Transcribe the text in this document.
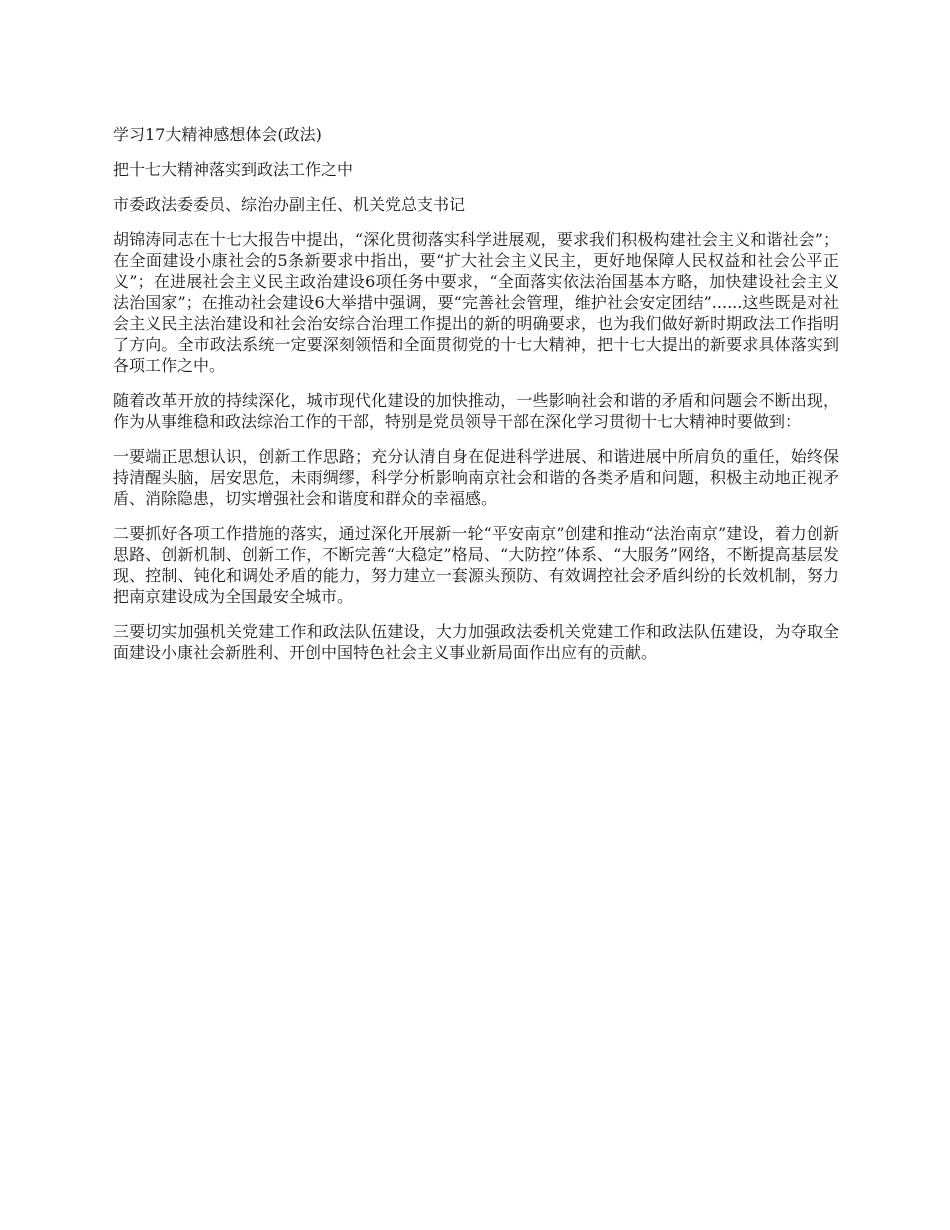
学习17大精神感想体会(政法)

把十七大精神落实到政法工作之中

市委政法委委员、综治办副主任、机关党总支书记

胡锦涛同志在十七大报告中提出，“深化贯彻落实科学进展观，要求我们积极构建社会主义和谐社会”；在全面建设小康社会的5条新要求中指出，要“扩大社会主义民主，更好地保障人民权益和社会公平正义”；在进展社会主义民主政治建设6项任务中要求，“全面落实依法治国基本方略，加快建设社会主义法治国家”；在推动社会建设6大举措中强调，要“完善社会管理，维护社会安定团结”......这些既是对社会主义民主法治建设和社会治安综合治理工作提出的新的明确要求，也为我们做好新时期政法工作指明了方向。全市政法系统一定要深刻领悟和全面贯彻党的十七大精神，把十七大提出的新要求具体落实到各项工作之中。

随着改革开放的持续深化，城市现代化建设的加快推动，一些影响社会和谐的矛盾和问题会不断出现，作为从事维稳和政法综治工作的干部，特别是党员领导干部在深化学习贯彻十七大精神时要做到：

一要端正思想认识，创新工作思路；充分认清自身在促进科学进展、和谐进展中所肩负的重任，始终保持清醒头脑，居安思危，未雨绸缪，科学分析影响南京社会和谐的各类矛盾和问题，积极主动地正视矛盾、消除隐患，切实增强社会和谐度和群众的幸福感。

二要抓好各项工作措施的落实，通过深化开展新一轮“平安南京”创建和推动“法治南京”建设，着力创新思路、创新机制、创新工作，不断完善“大稳定”格局、“大防控”体系、“大服务”网络，不断提高基层发现、控制、钝化和调处矛盾的能力，努力建立一套源头预防、有效调控社会矛盾纠纷的长效机制，努力把南京建设成为全国最安全城市。

三要切实加强机关党建工作和政法队伍建设，大力加强政法委机关党建工作和政法队伍建设，为夺取全面建设小康社会新胜利、开创中国特色社会主义事业新局面作出应有的贡献。
